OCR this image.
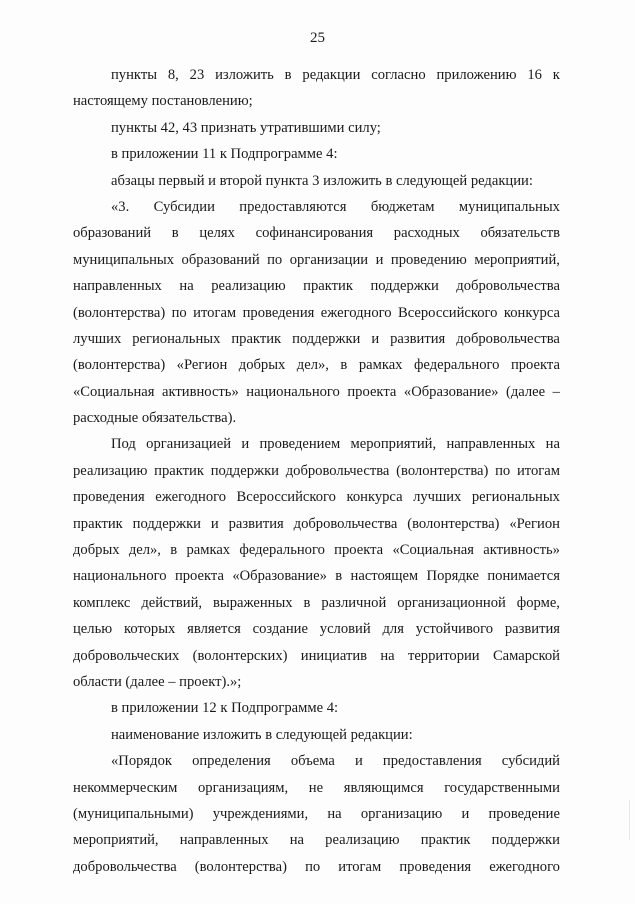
25
пункты 8, 23 изложить в редакции согласно приложению 16 к
настоящему постановлению;
пункты 42, 43 признать утратившими силу;
в приложении 11 к Подпрограмме 4:
абзацы первый и второй пункта 3 изложить в следующей редакции:
«3. Субсидии предоставляются бюджетам муниципальных
образований в целях софинансирования расходных обязательств
муниципальных образований по организации и проведению мероприятий,
направленных на реализацию практик поддержки добровольчества
(волонтерства) по итогам проведения ежегодного Всероссийского конкурса
лучших региональных практик поддержки и развития добровольчества
(волонтерства) «Регион добрых дел», в рамках федерального проекта
«Социальная активность» национального проекта «Образование» (далее –
расходные обязательства).
Под организацией и проведением мероприятий, направленных на
реализацию практик поддержки добровольчества (волонтерства) по итогам
проведения ежегодного Всероссийского конкурса лучших региональных
практик поддержки и развития добровольчества (волонтерства) «Регион
добрых дел», в рамках федерального проекта «Социальная активность»
национального проекта «Образование» в настоящем Порядке понимается
комплекс действий, выраженных в различной организационной форме,
целью которых является создание условий для устойчивого развития
добровольческих (волонтерских) инициатив на территории Самарской
области (далее – проект).»;
в приложении 12 к Подпрограмме 4:
наименование изложить в следующей редакции:
«Порядок определения объема и предоставления субсидий
некоммерческим организациям, не являющимся государственными
(муниципальными) учреждениями, на организацию и проведение
мероприятий, направленных на реализацию практик поддержки
добровольчества (волонтерства) по итогам проведения ежегодного
